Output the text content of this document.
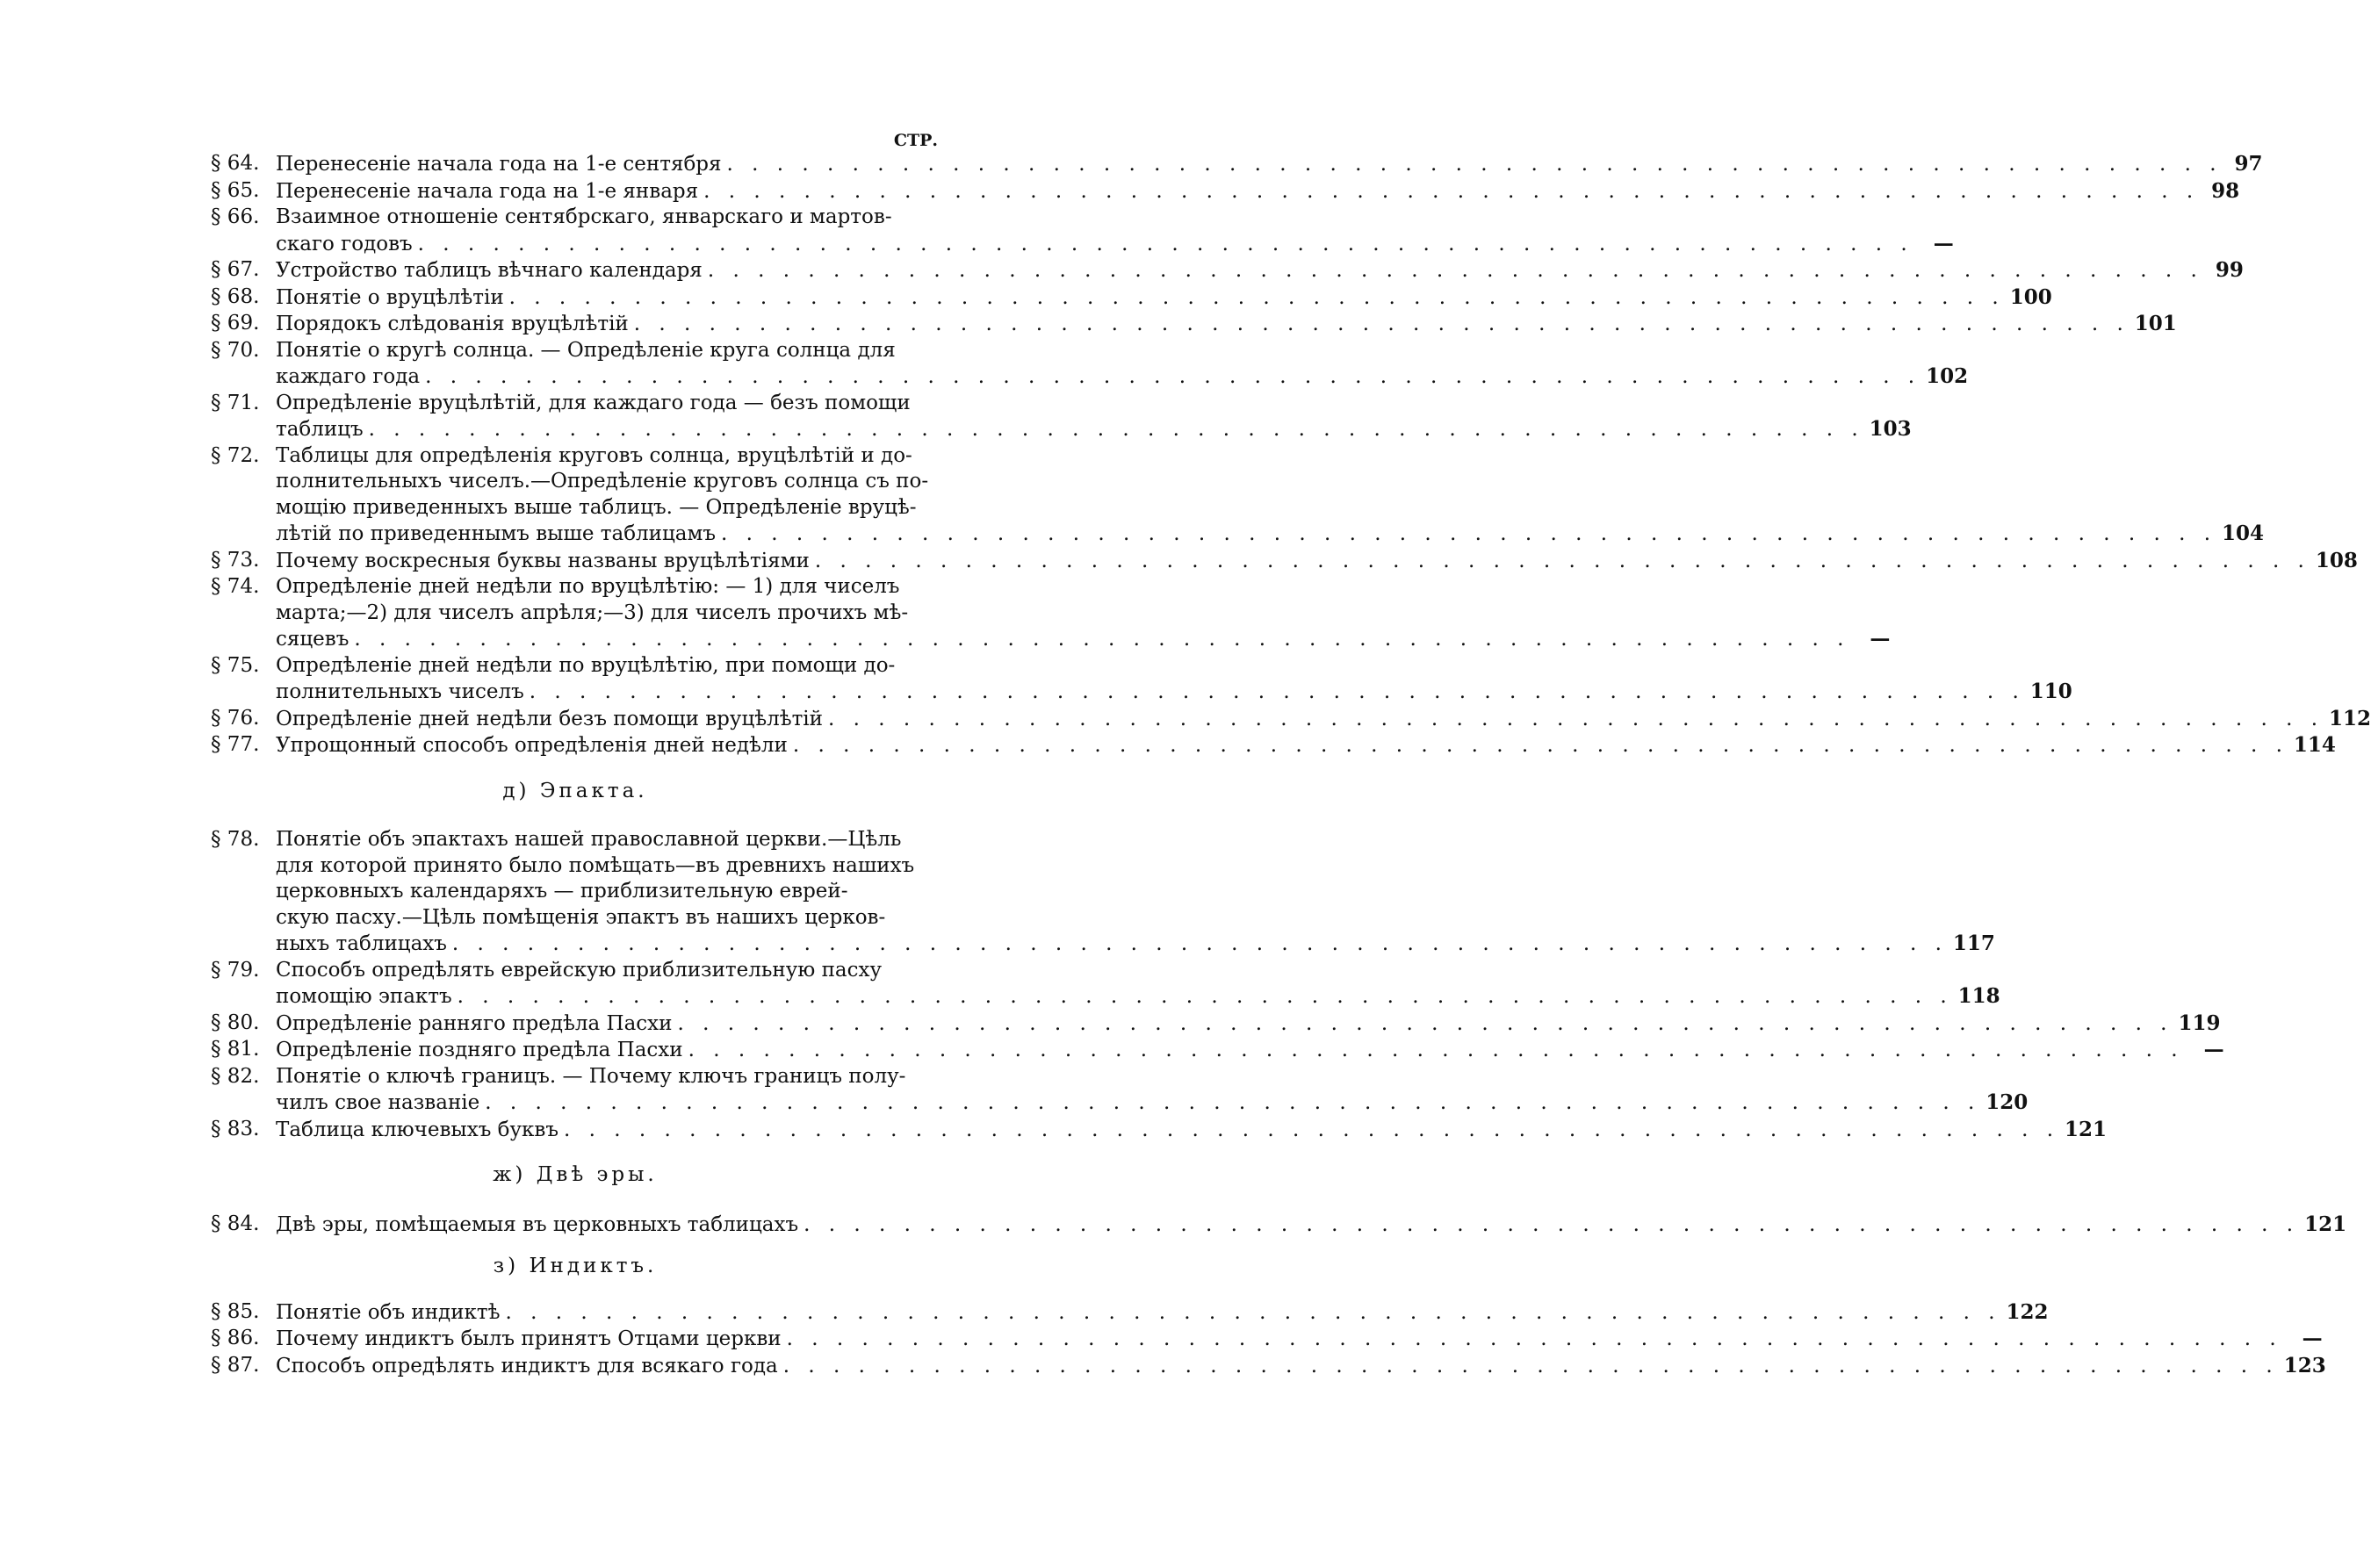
СТР.
§ 64. Перенесеніе начала года на 1-е сентября . . . . . . . . . . . . . . . . . . . . . . . . . . . . . . . . . . . . . . . . . . . . . . . . . . . . . . . . . . . . 97
§ 65. Перенесеніе начала года на 1-е января . . . . . . . . . . . . . . . . . . . . . . . . . . . . . . . . . . . . . . . . . . . . . . . . . . . . . . . . . . . . 98
§ 66. Взаимное отношеніе сентябрскаго, январскаго и мартов-
скаго годовъ . . . . . . . . . . . . . . . . . . . . . . . . . . . . . . . . . . . . . . . . . . . . . . . . . . . . . . . . . . . .	—
§ 67. Устройство таблицъ вѣчнаго календаря . . . . . . . . . . . . . . . . . . . . . . . . . . . . . . . . . . . . . . . . . . . . . . . . . . . . . . . . . . . . 99
§ 68. Понятіе о вруцѣлѣтіи . . . . . . . . . . . . . . . . . . . . . . . . . . . . . . . . . . . . . . . . . . . . . . . . . . . . . . . . . . . . 100
§ 69. Порядокъ слѣдованія вруцѣлѣтій . . . . . . . . . . . . . . . . . . . . . . . . . . . . . . . . . . . . . . . . . . . . . . . . . . . . . . . . . . . . 101
§ 70. Понятіе о кругѣ солнца. — Опредѣленіе круга солнца для
каждаго года . . . . . . . . . . . . . . . . . . . . . . . . . . . . . . . . . . . . . . . . . . . . . . . . . . . . . . . . . . . . 102
§ 71. Опредѣленіе вруцѣлѣтій, для каждаго года — безъ помощи
таблицъ . . . . . . . . . . . . . . . . . . . . . . . . . . . . . . . . . . . . . . . . . . . . . . . . . . . . . . . . . . . . 103
§ 72. Таблицы для опредѣленія круговъ солнца, вруцѣлѣтій и до-
полнительныхъ чиселъ.—Опредѣленіе круговъ солнца съ по-
мощію приведенныхъ выше таблицъ. — Опредѣленіе вруцѣ-
лѣтій по приведеннымъ выше таблицамъ . . . . . . . . . . . . . . . . . . . . . . . . . . . . . . . . . . . . . . . . . . . . . . . . . . . . . . . . . . . . 104
§ 73. Почему воскресныя буквы названы вруцѣлѣтіями . . . . . . . . . . . . . . . . . . . . . . . . . . . . . . . . . . . . . . . . . . . . . . . . . . . . . . . . . . . . 108
§ 74. Опредѣленіе дней недѣли по вруцѣлѣтію: — 1) для чиселъ
марта;—2) для чиселъ апрѣля;—3) для чиселъ прочихъ мѣ-
сяцевъ . . . . . . . . . . . . . . . . . . . . . . . . . . . . . . . . . . . . . . . . . . . . . . . . . . . . . . . . . . . .	—
§ 75. Опредѣленіе дней недѣли по вруцѣлѣтію, при помощи до-
полнительныхъ чиселъ . . . . . . . . . . . . . . . . . . . . . . . . . . . . . . . . . . . . . . . . . . . . . . . . . . . . . . . . . . . . 110
§ 76. Опредѣленіе дней недѣли безъ помощи вруцѣлѣтій . . . . . . . . . . . . . . . . . . . . . . . . . . . . . . . . . . . . . . . . . . . . . . . . . . . . . . . . . . . . 112
§ 77. Упрощонный способъ опредѣленія дней недѣли . . . . . . . . . . . . . . . . . . . . . . . . . . . . . . . . . . . . . . . . . . . . . . . . . . . . . . . . . . . . 114
д) Эпакта.
§ 78. Понятіе объ эпактахъ нашей православной церкви.—Цѣль
для которой принято было помѣщать—въ древнихъ нашихъ
церковныхъ календаряхъ — приблизительную еврей-
скую пасху.—Цѣль помѣщенія эпактъ въ нашихъ церков-
ныхъ таблицахъ . . . . . . . . . . . . . . . . . . . . . . . . . . . . . . . . . . . . . . . . . . . . . . . . . . . . . . . . . . . . 117
§ 79. Способъ опредѣлять еврейскую приблизительную пасху
помощію эпактъ . . . . . . . . . . . . . . . . . . . . . . . . . . . . . . . . . . . . . . . . . . . . . . . . . . . . . . . . . . . . 118
§ 80. Опредѣленіе ранняго предѣла Пасхи . . . . . . . . . . . . . . . . . . . . . . . . . . . . . . . . . . . . . . . . . . . . . . . . . . . . . . . . . . . . 119
§ 81. Опредѣленіе поздняго предѣла Пасхи . . . . . . . . . . . . . . . . . . . . . . . . . . . . . . . . . . . . . . . . . . . . . . . . . . . . . . . . . . . .	—
§ 82. Понятіе о ключѣ границъ. — Почему ключъ границъ полу-
чилъ свое названіе . . . . . . . . . . . . . . . . . . . . . . . . . . . . . . . . . . . . . . . . . . . . . . . . . . . . . . . . . . . . 120
§ 83. Таблица ключевыхъ буквъ . . . . . . . . . . . . . . . . . . . . . . . . . . . . . . . . . . . . . . . . . . . . . . . . . . . . . . . . . . . . 121
ж) Двѣ эры.
§ 84. Двѣ эры, помѣщаемыя въ церковныхъ таблицахъ . . . . . . . . . . . . . . . . . . . . . . . . . . . . . . . . . . . . . . . . . . . . . . . . . . . . . . . . . . . . 121
з) Индиктъ.
§ 85. Понятіе объ индиктѣ . . . . . . . . . . . . . . . . . . . . . . . . . . . . . . . . . . . . . . . . . . . . . . . . . . . . . . . . . . . . 122
§ 86. Почему индиктъ былъ принятъ Отцами церкви . . . . . . . . . . . . . . . . . . . . . . . . . . . . . . . . . . . . . . . . . . . . . . . . . . . . . . . . . . . .	—
§ 87. Способъ опредѣлять индиктъ для всякаго года . . . . . . . . . . . . . . . . . . . . . . . . . . . . . . . . . . . . . . . . . . . . . . . . . . . . . . . . . . . . 123
